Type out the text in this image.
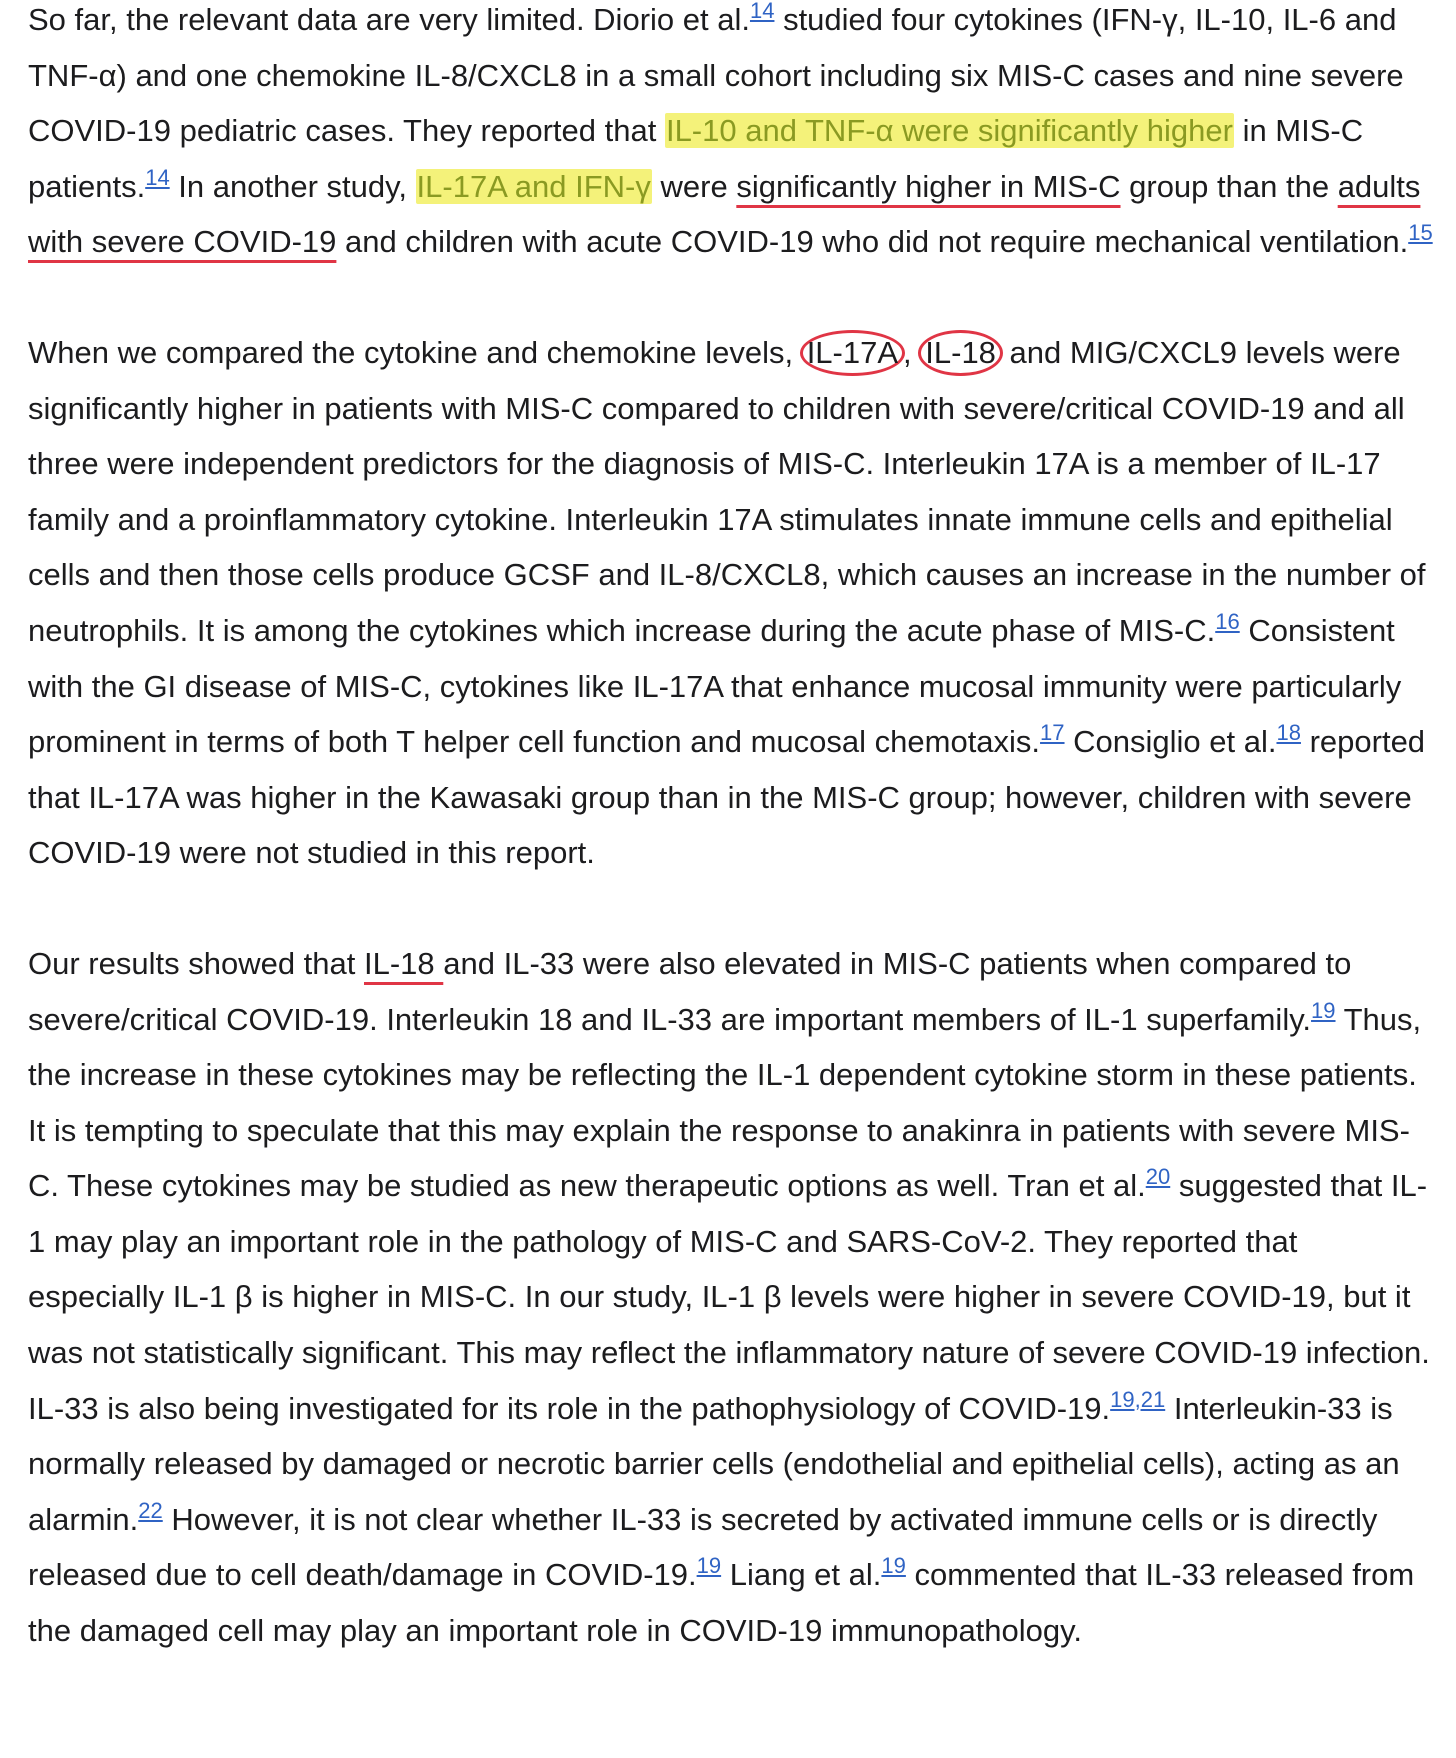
So far, the relevant data are very limited. Diorio et al.$^{14}$ studied four cytokines (IFN-γ, IL-10, IL-6 and TNF-α) and one chemokine IL-8/CXCL8 in a small cohort including six MIS-C cases and nine severe COVID-19 pediatric cases. They reported that IL-10 and TNF-α were significantly higher in MIS-C patients.$^{14}$ In another study, IL-17A and IFN-γ were significantly higher in MIS-C group than the adults with severe COVID-19 and children with acute COVID-19 who did not require mechanical ventilation.$^{15}$

When we compared the cytokine and chemokine levels, IL-17A , IL-18 and MIG/CXCL9 levels were significantly higher in patients with MIS-C compared to children with severe/critical COVID-19 and all three were independent predictors for the diagnosis of MIS-C. Interleukin 17A is a member of IL-17 family and a proinflammatory cytokine. Interleukin 17A stimulates innate immune cells and epithelial cells and then those cells produce GCSF and IL-8/CXCL8, which causes an increase in the number of neutrophils. It is among the cytokines which increase during the acute phase of MIS-C.$^{16}$ Consistent with the GI disease of MIS-C, cytokines like IL-17A that enhance mucosal immunity were particularly prominent in terms of both T helper cell function and mucosal chemotaxis.$^{17}$ Consiglio et al.$^{18}$ reported that IL-17A was higher in the Kawasaki group than in the MIS-C group; however, children with severe COVID-19 were not studied in this report.

Our results showed that IL-18 and IL-33 were also elevated in MIS-C patients when compared to severe/critical COVID-19. Interleukin 18 and IL-33 are important members of IL-1 superfamily.$^{19}$ Thus, the increase in these cytokines may be reflecting the IL-1 dependent cytokine storm in these patients. It is tempting to speculate that this may explain the response to anakinra in patients with severe MIS-C. These cytokines may be studied as new therapeutic options as well. Tran et al.$^{20}$ suggested that IL-1 may play an important role in the pathology of MIS-C and SARS-CoV-2. They reported that especially IL-1 β is higher in MIS-C. In our study, IL-1 β levels were higher in severe COVID-19, but it was not statistically significant. This may reflect the inflammatory nature of severe COVID-19 infection. IL-33 is also being investigated for its role in the pathophysiology of COVID-19.$^{19,21}$ Interleukin-33 is normally released by damaged or necrotic barrier cells (endothelial and epithelial cells), acting as an alarmin.$^{22}$ However, it is not clear whether IL-33 is secreted by activated immune cells or is directly released due to cell death/damage in COVID-19.19 Liang et al.$^{19}$ commented that IL-33 released from the damaged cell may play an important role in COVID-19 immunopathology.
